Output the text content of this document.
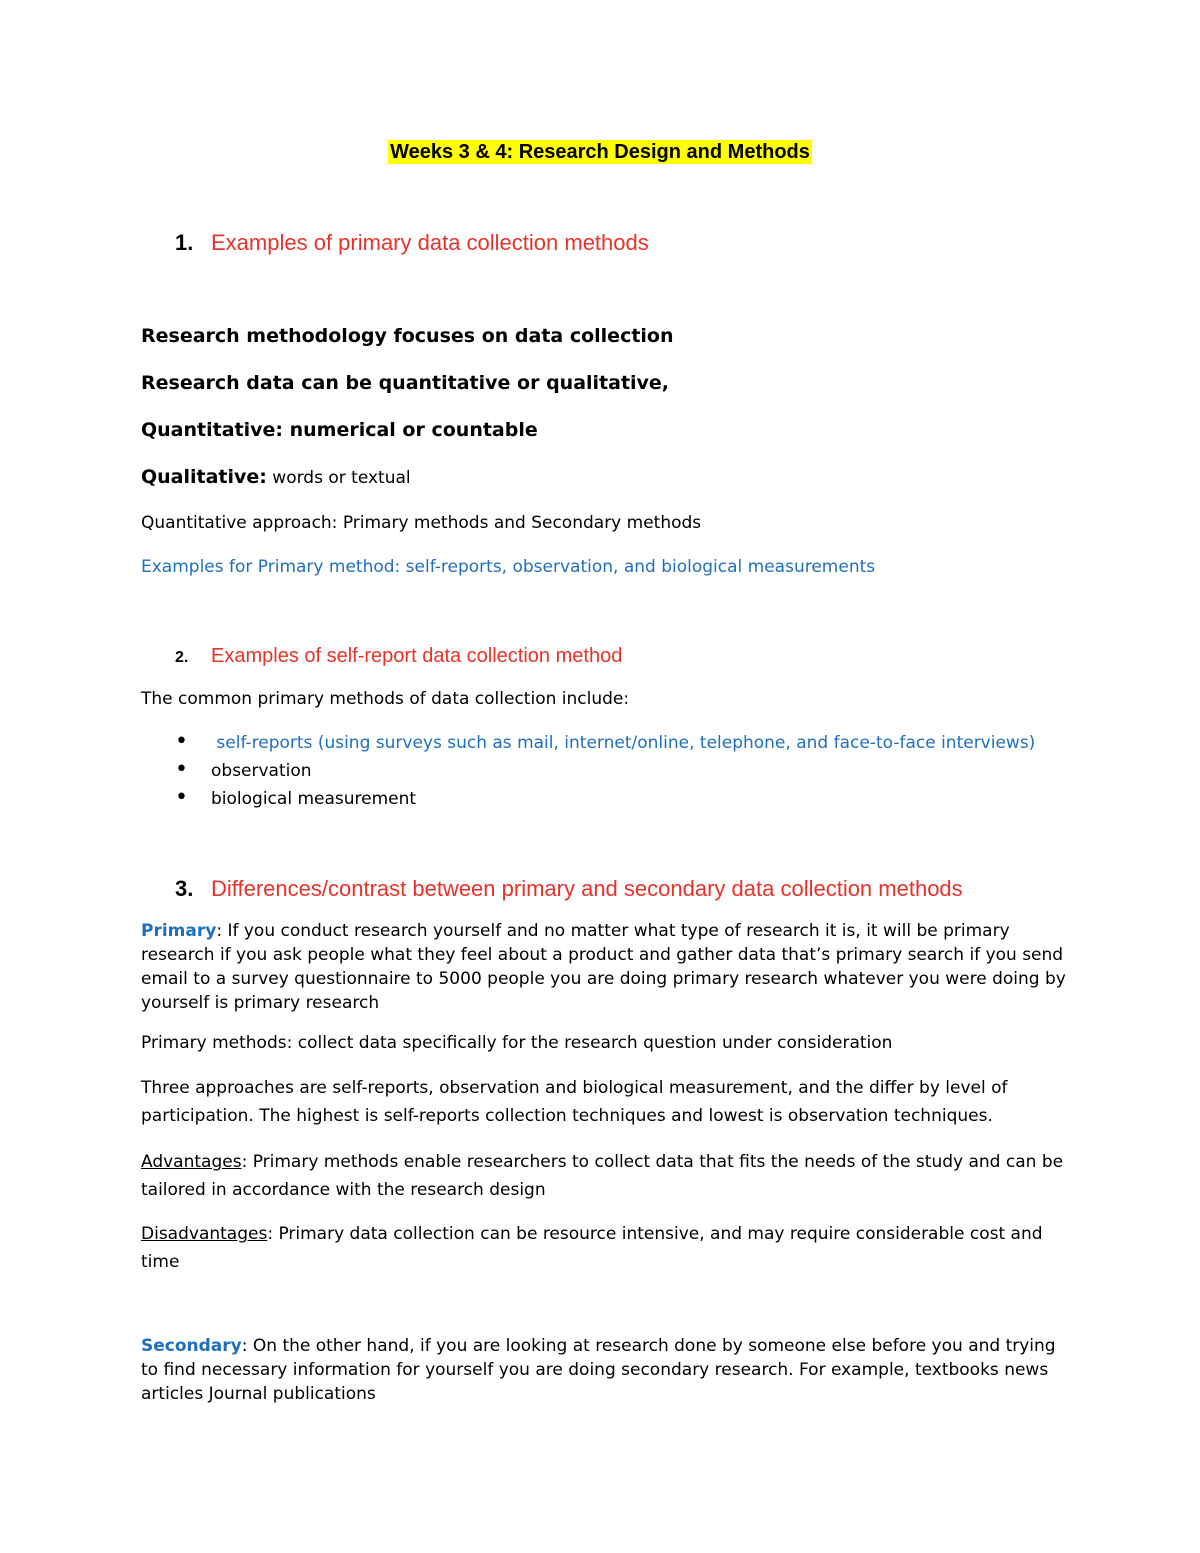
Weeks 3 & 4: Research Design and Methods
1. Examples of primary data collection methods
Research methodology focuses on data collection
Research data can be quantitative or qualitative,
Quantitative: numerical or countable
Qualitative: words or textual
Quantitative approach: Primary methods and Secondary methods
Examples for Primary method: self-reports, observation, and biological measurements
2. Examples of self-report data collection method
The common primary methods of data collection include:
• self-reports (using surveys such as mail, internet/online, telephone, and face-to-face interviews)
• observation
• biological measurement
3. Differences/contrast between primary and secondary data collection methods
Primary: If you conduct research yourself and no matter what type of research it is, it will be primary research if you ask people what they feel about a product and gather data that’s primary search if you send email to a survey questionnaire to 5000 people you are doing primary research whatever you were doing by yourself is primary research
Primary methods: collect data specifically for the research question under consideration
Three approaches are self-reports, observation and biological measurement, and the differ by level of participation. The highest is self-reports collection techniques and lowest is observation techniques.
Advantages: Primary methods enable researchers to collect data that fits the needs of the study and can be tailored in accordance with the research design
Disadvantages: Primary data collection can be resource intensive, and may require considerable cost and time
Secondary: On the other hand, if you are looking at research done by someone else before you and trying to find necessary information for yourself you are doing secondary research. For example, textbooks news articles Journal publications
